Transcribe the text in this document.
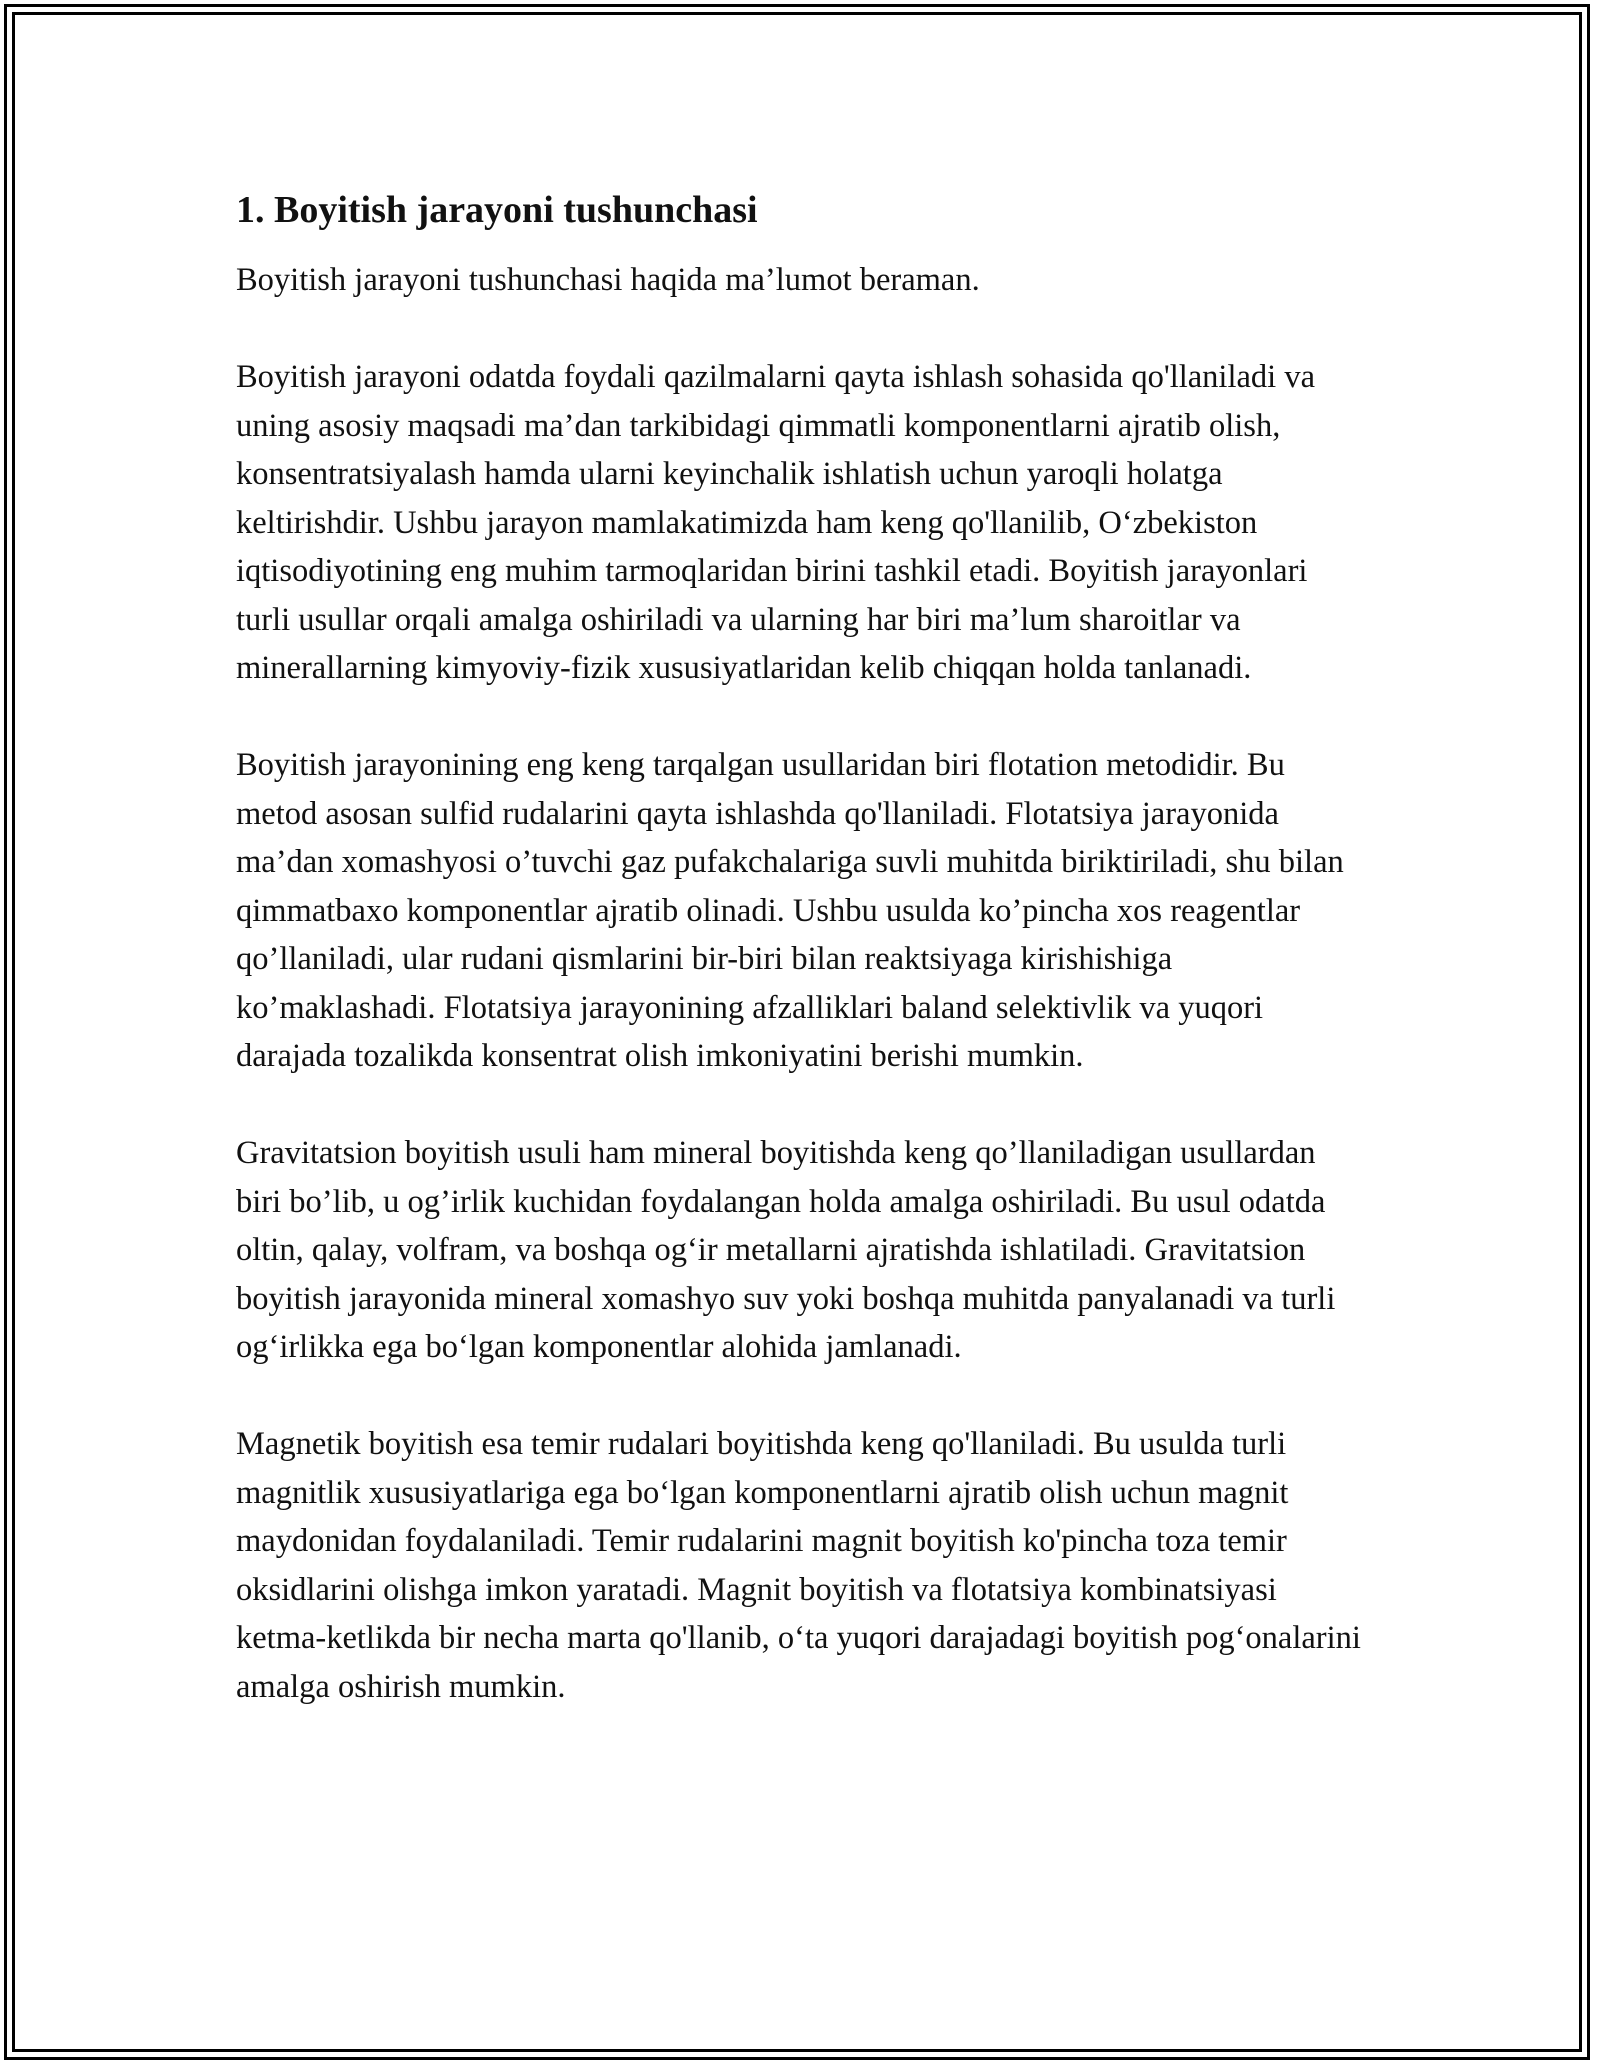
1. Boyitish jarayoni tushunchasi

Boyitish jarayoni tushunchasi haqida ma’lumot beraman.

Boyitish jarayoni odatda foydali qazilmalarni qayta ishlash sohasida qo'llaniladi va uning asosiy maqsadi ma’dan tarkibidagi qimmatli komponentlarni ajratib olish, konsentratsiyalash hamda ularni keyinchalik ishlatish uchun yaroqli holatga keltirishdir. Ushbu jarayon mamlakatimizda ham keng qo'llanilib, O‘zbekiston iqtisodiyotining eng muhim tarmoqlaridan birini tashkil etadi. Boyitish jarayonlari turli usullar orqali amalga oshiriladi va ularning har biri ma’lum sharoitlar va minerallarning kimyoviy-fizik xususiyatlaridan kelib chiqqan holda tanlanadi.

Boyitish jarayonining eng keng tarqalgan usullaridan biri flotation metodidir. Bu metod asosan sulfid rudalarini qayta ishlashda qo'llaniladi. Flotatsiya jarayonida ma’dan xomashyosi o’tuvchi gaz pufakchalariga suvli muhitda biriktiriladi, shu bilan qimmatbaxo komponentlar ajratib olinadi. Ushbu usulda ko’pincha xos reagentlar qo’llaniladi, ular rudani qismlarini bir-biri bilan reaktsiyaga kirishishiga ko’maklashadi. Flotatsiya jarayonining afzalliklari baland selektivlik va yuqori darajada tozalikda konsentrat olish imkoniyatini berishi mumkin.

Gravitatsion boyitish usuli ham mineral boyitishda keng qo’llaniladigan usullardan biri bo’lib, u og’irlik kuchidan foydalangan holda amalga oshiriladi. Bu usul odatda oltin, qalay, volfram, va boshqa og‘ir metallarni ajratishda ishlatiladi. Gravitatsion boyitish jarayonida mineral xomashyo suv yoki boshqa muhitda panyalanadi va turli og‘irlikka ega bo‘lgan komponentlar alohida jamlanadi.

Magnetik boyitish esa temir rudalari boyitishda keng qo'llaniladi. Bu usulda turli magnitlik xususiyatlariga ega bo‘lgan komponentlarni ajratib olish uchun magnit maydonidan foydalaniladi. Temir rudalarini magnit boyitish ko'pincha toza temir oksidlarini olishga imkon yaratadi. Magnit boyitish va flotatsiya kombinatsiyasi ketma-ketlikda bir necha marta qo'llanib, o‘ta yuqori darajadagi boyitish pog‘onalarini amalga oshirish mumkin.
